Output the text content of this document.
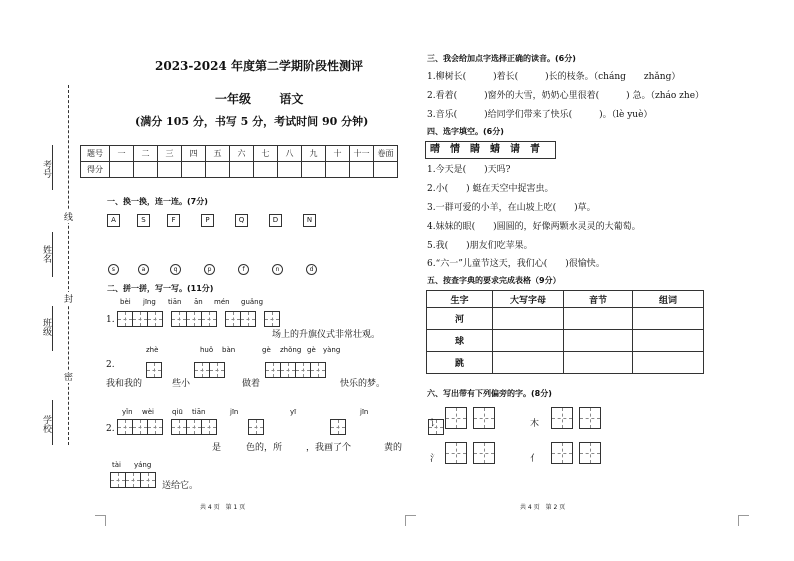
考号
姓名
班级
学校
线
封
密
2023-2024 年度第二学期阶段性测评
一年级 语文
(满分 105 分，书写 5 分，考试时间 90 分钟)
题号	一	二	三	四	五	六	七	八	九	十	十一	卷面
得分												
一、换一换，连一连。(7分)
A	S	F	P	Q	D	N
s	a	q	p	f	n	d
二、拼一拼，写一写。(11分)
bèi jīng tiān ān mén guǎng
1.

场上的升旗仪式非常壮观。
2.
zhè	huǒ bàn	gè zhǒng gè yàng
我和我的
	些小	做着	快乐的梦。
yǐn wèi	qiū tiān	jīn	yī	jīn
2.

是
	色的，所
	，我画了个	黄的
tài yáng
送给它。
共 4 页　第 1 页
三、我会给加点字选择正确的读音。(6分)
1.柳树长(　　　)着长(　　　)长的枝条。（cháng　　zhǎng）
2.看着(　　　)窗外的大雪，奶奶心里很着(　　　) 急。（zháo zhe）
3.音乐(　　　)给同学们带来了快乐(　　　)。（lè yuè）
四、选字填空。(6分)
晴　情　睛　蜻　请　青
1.今天是(　　)天吗?
2.小(　　) 蜓在天空中捉害虫。
3.一群可爱的小羊，在山坡上吃(　　)草。
4.妹妹的眼(　　)圆圆的，好像两颗水灵灵的大葡萄。
5.我(　　)朋友们吃苹果。
6.“六一”儿童节这天，我们心(　　)很愉快。
五、按查字典的要求完成表格（9分）
生字	大写字母	音节	组词
河			
球			
跳			
六、写出带有下列偏旁的字。(8分)
讠	木
氵	亻
共 4 页　第 2 页
